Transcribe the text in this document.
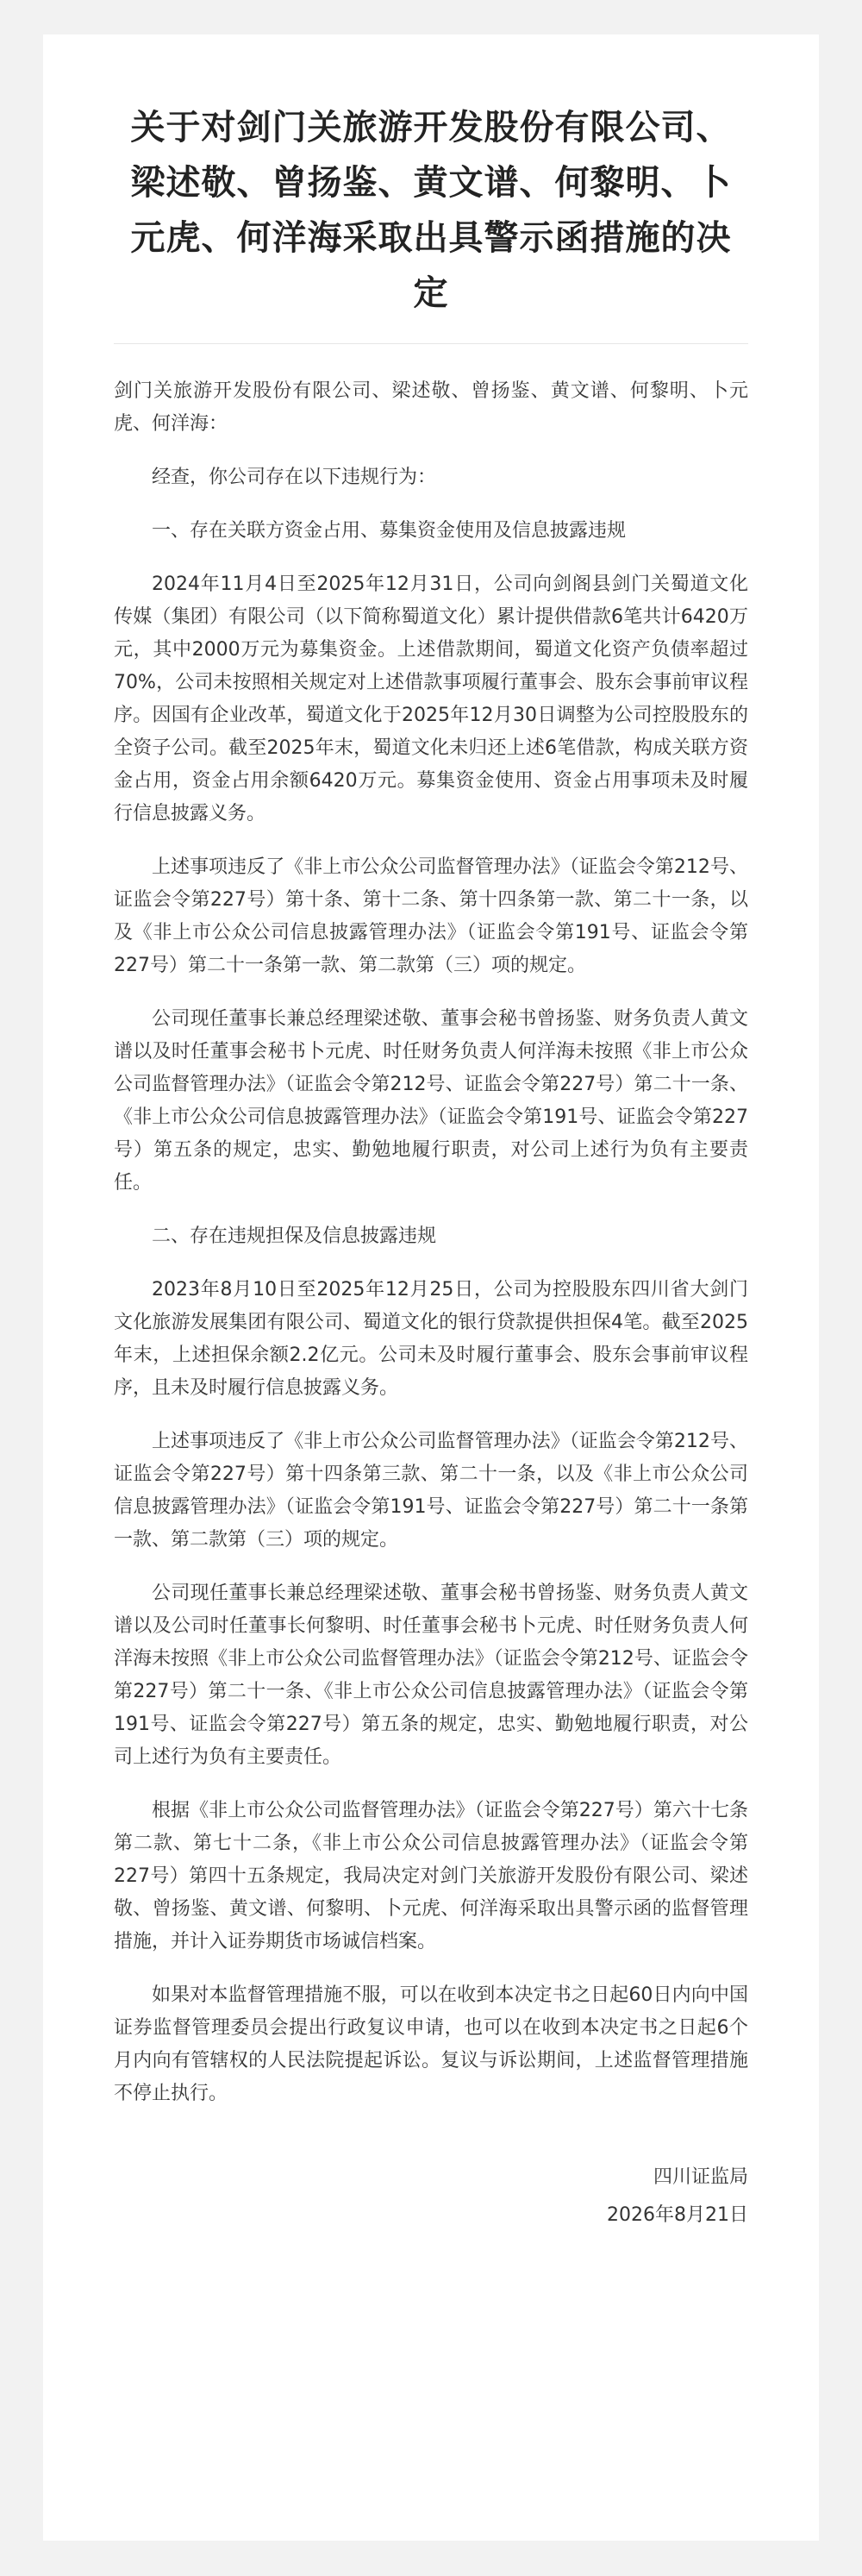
关于对剑门关旅游开发股份有限公司、梁述敬、曾扬鉴、黄文谱、何黎明、卜元虎、何洋海采取出具警示函措施的决定

剑门关旅游开发股份有限公司、梁述敬、曾扬鉴、黄文谱、何黎明、卜元虎、何洋海：

经查，你公司存在以下违规行为：

一、存在关联方资金占用、募集资金使用及信息披露违规

2024年11月4日至2025年12月31日，公司向剑阁县剑门关蜀道文化传媒（集团）有限公司（以下简称蜀道文化）累计提供借款6笔共计6420万元，其中2000万元为募集资金。上述借款期间，蜀道文化资产负债率超过70%，公司未按照相关规定对上述借款事项履行董事会、股东会事前审议程序。因国有企业改革，蜀道文化于2025年12月30日调整为公司控股股东的全资子公司。截至2025年末，蜀道文化未归还上述6笔借款，构成关联方资金占用，资金占用余额6420万元。募集资金使用、资金占用事项未及时履行信息披露义务。

上述事项违反了《非上市公众公司监督管理办法》（证监会令第212号、证监会令第227号）第十条、第十二条、第十四条第一款、第二十一条，以及《非上市公众公司信息披露管理办法》（证监会令第191号、证监会令第227号）第二十一条第一款、第二款第（三）项的规定。

公司现任董事长兼总经理梁述敬、董事会秘书曾扬鉴、财务负责人黄文谱以及时任董事会秘书卜元虎、时任财务负责人何洋海未按照《非上市公众公司监督管理办法》（证监会令第212号、证监会令第227号）第二十一条、《非上市公众公司信息披露管理办法》（证监会令第191号、证监会令第227号）第五条的规定，忠实、勤勉地履行职责，对公司上述行为负有主要责任。

二、存在违规担保及信息披露违规

2023年8月10日至2025年12月25日，公司为控股股东四川省大剑门文化旅游发展集团有限公司、蜀道文化的银行贷款提供担保4笔。截至2025年末，上述担保余额2.2亿元。公司未及时履行董事会、股东会事前审议程序，且未及时履行信息披露义务。

上述事项违反了《非上市公众公司监督管理办法》（证监会令第212号、证监会令第227号）第十四条第三款、第二十一条，以及《非上市公众公司信息披露管理办法》（证监会令第191号、证监会令第227号）第二十一条第一款、第二款第（三）项的规定。

公司现任董事长兼总经理梁述敬、董事会秘书曾扬鉴、财务负责人黄文谱以及公司时任董事长何黎明、时任董事会秘书卜元虎、时任财务负责人何洋海未按照《非上市公众公司监督管理办法》（证监会令第212号、证监会令第227号）第二十一条、《非上市公众公司信息披露管理办法》（证监会令第191号、证监会令第227号）第五条的规定，忠实、勤勉地履行职责，对公司上述行为负有主要责任。

根据《非上市公众公司监督管理办法》（证监会令第227号）第六十七条第二款、第七十二条，《非上市公众公司信息披露管理办法》（证监会令第227号）第四十五条规定，我局决定对剑门关旅游开发股份有限公司、梁述敬、曾扬鉴、黄文谱、何黎明、卜元虎、何洋海采取出具警示函的监督管理措施，并计入证券期货市场诚信档案。

如果对本监督管理措施不服，可以在收到本决定书之日起60日内向中国证券监督管理委员会提出行政复议申请，也可以在收到本决定书之日起6个月内向有管辖权的人民法院提起诉讼。复议与诉讼期间，上述监督管理措施不停止执行。

四川证监局
2026年8月21日
